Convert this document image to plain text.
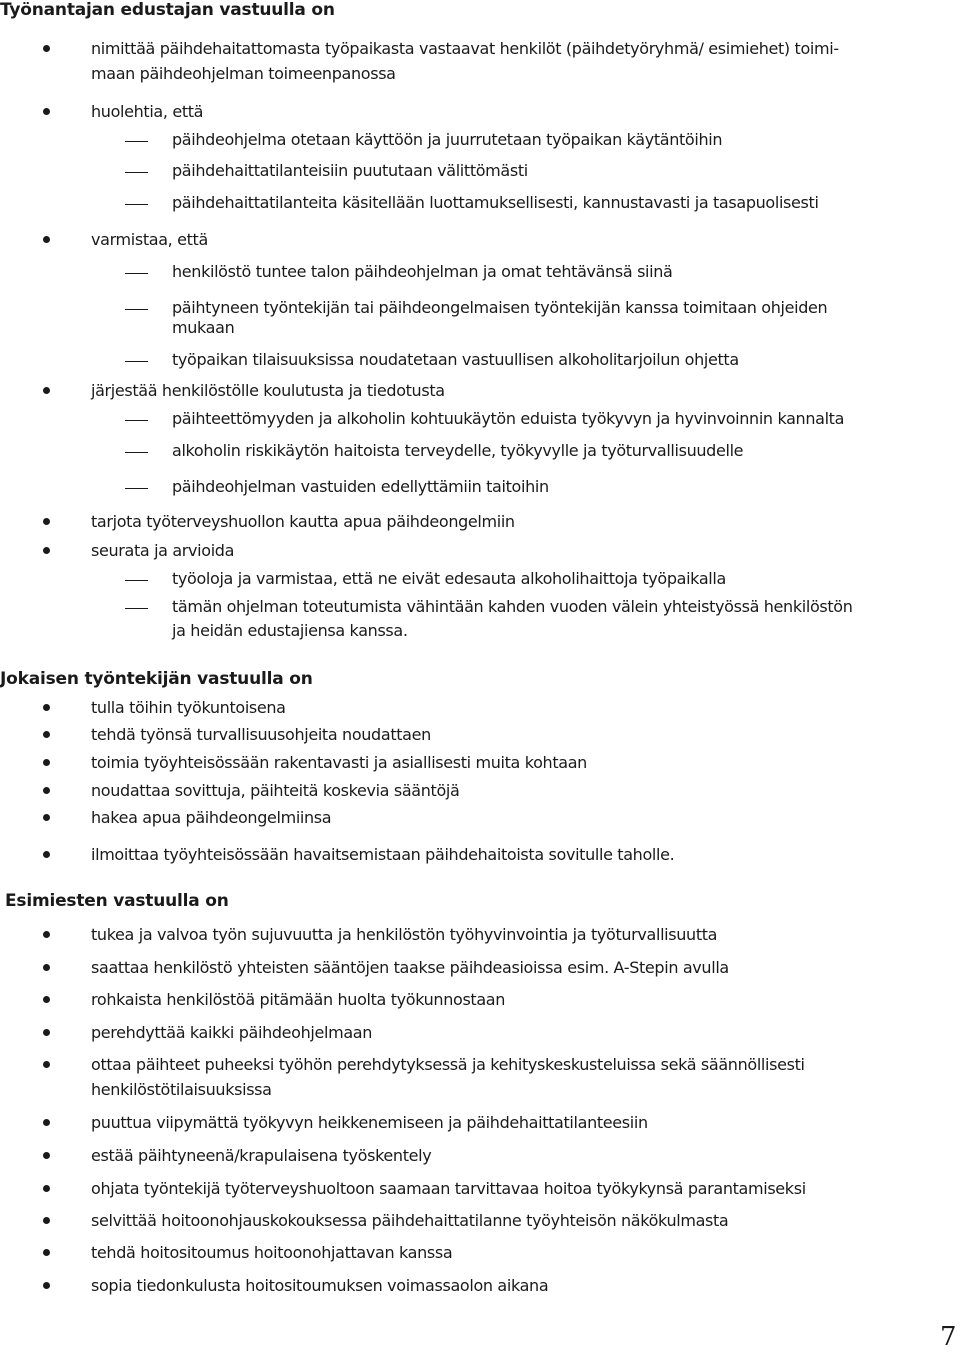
Työnantajan edustajan vastuulla on
nimittää päihdehaitattomasta työpaikasta vastaavat henkilöt (päihdetyöryhmä/ esimiehet) toimi-
maan päihdeohjelman toimeenpanossa
huolehtia, että
päihdeohjelma otetaan käyttöön ja juurrutetaan työpaikan käytäntöihin
päihdehaittatilanteisiin puututaan välittömästi
päihdehaittatilanteita käsitellään luottamuksellisesti, kannustavasti ja tasapuolisesti
varmistaa, että
henkilöstö tuntee talon päihdeohjelman ja omat tehtävänsä siinä
päihtyneen työntekijän tai päihdeongelmaisen työntekijän kanssa toimitaan ohjeiden
mukaan
työpaikan tilaisuuksissa noudatetaan vastuullisen alkoholitarjoilun ohjetta
järjestää henkilöstölle koulutusta ja tiedotusta
päihteettömyyden ja alkoholin kohtuukäytön eduista työkyvyn ja hyvinvoinnin kannalta
alkoholin riskikäytön haitoista terveydelle, työkyvylle ja työturvallisuudelle
päihdeohjelman vastuiden edellyttämiin taitoihin
tarjota työterveyshuollon kautta apua päihdeongelmiin
seurata ja arvioida
työoloja ja varmistaa, että ne eivät edesauta alkoholihaittoja työpaikalla
tämän ohjelman toteutumista vähintään kahden vuoden välein yhteistyössä henkilöstön
ja heidän edustajiensa kanssa.
Jokaisen työntekijän vastuulla on
tulla töihin työkuntoisena
tehdä työnsä turvallisuusohjeita noudattaen
toimia työyhteisössään rakentavasti ja asiallisesti muita kohtaan
noudattaa sovittuja, päihteitä koskevia sääntöjä
hakea apua päihdeongelmiinsa
ilmoittaa työyhteisössään havaitsemistaan päihdehaitoista sovitulle taholle.
Esimiesten vastuulla on
tukea ja valvoa työn sujuvuutta ja henkilöstön työhyvinvointia ja työturvallisuutta
saattaa henkilöstö yhteisten sääntöjen taakse päihdeasioissa esim. A-Stepin avulla
rohkaista henkilöstöä pitämään huolta työkunnostaan
perehdyttää kaikki päihdeohjelmaan
ottaa päihteet puheeksi työhön perehdytyksessä ja kehityskeskusteluissa sekä säännöllisesti
henkilöstötilaisuuksissa
puuttua viipymättä työkyvyn heikkenemiseen ja päihdehaittatilanteesiin
estää päihtyneenä/krapulaisena työskentely
ohjata työntekijä työterveyshuoltoon saamaan tarvittavaa hoitoa työkykynsä parantamiseksi
selvittää hoitoonohjauskokouksessa päihdehaittatilanne työyhteisön näkökulmasta
tehdä hoitositoumus hoitoonohjattavan kanssa
sopia tiedonkulusta hoitositoumuksen voimassaolon aikana
7
